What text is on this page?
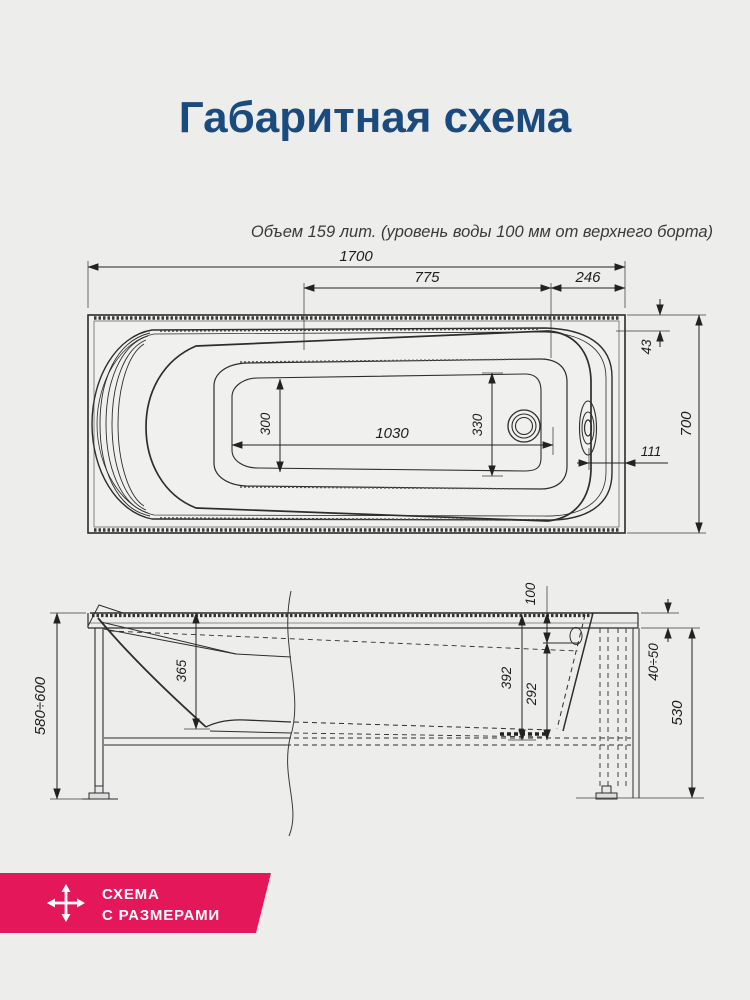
Габаритная схема
Объем 159 лит. (уровень воды 100 мм от верхнего борта)
1700
775	246
43
700
111
300	1030	330
580÷600
365
100
392
292
40÷50
530
СХЕМА
С РАЗМЕРАМИ
